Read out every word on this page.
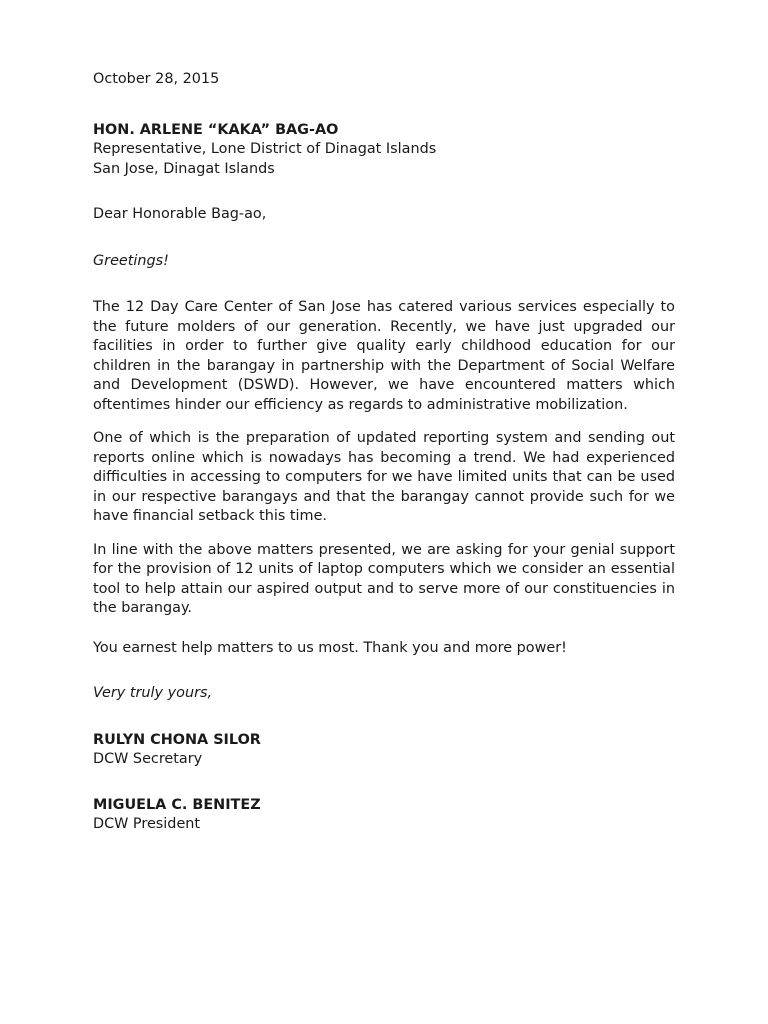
October 28, 2015

HON. ARLENE “KAKA” BAG-AO
Representative, Lone District of Dinagat Islands
San Jose, Dinagat Islands

Dear Honorable Bag-ao,

Greetings!

The 12 Day Care Center of San Jose has catered various services especially to the future molders of our generation. Recently, we have just upgraded our facilities in order to further give quality early childhood education for our children in the barangay in partnership with the Department of Social Welfare and Development (DSWD). However, we have encountered matters which oftentimes hinder our efficiency as regards to administrative mobilization.

One of which is the preparation of updated reporting system and sending out reports online which is nowadays has becoming a trend. We had experienced difficulties in accessing to computers for we have limited units that can be used in our respective barangays and that the barangay cannot provide such for we have financial setback this time.

In line with the above matters presented, we are asking for your genial support for the provision of 12 units of laptop computers which we consider an essential tool to help attain our aspired output and to serve more of our constituencies in the barangay.

You earnest help matters to us most. Thank you and more power!

Very truly yours,

RULYN CHONA SILOR
DCW Secretary
MIGUELA C. BENITEZ
DCW President
